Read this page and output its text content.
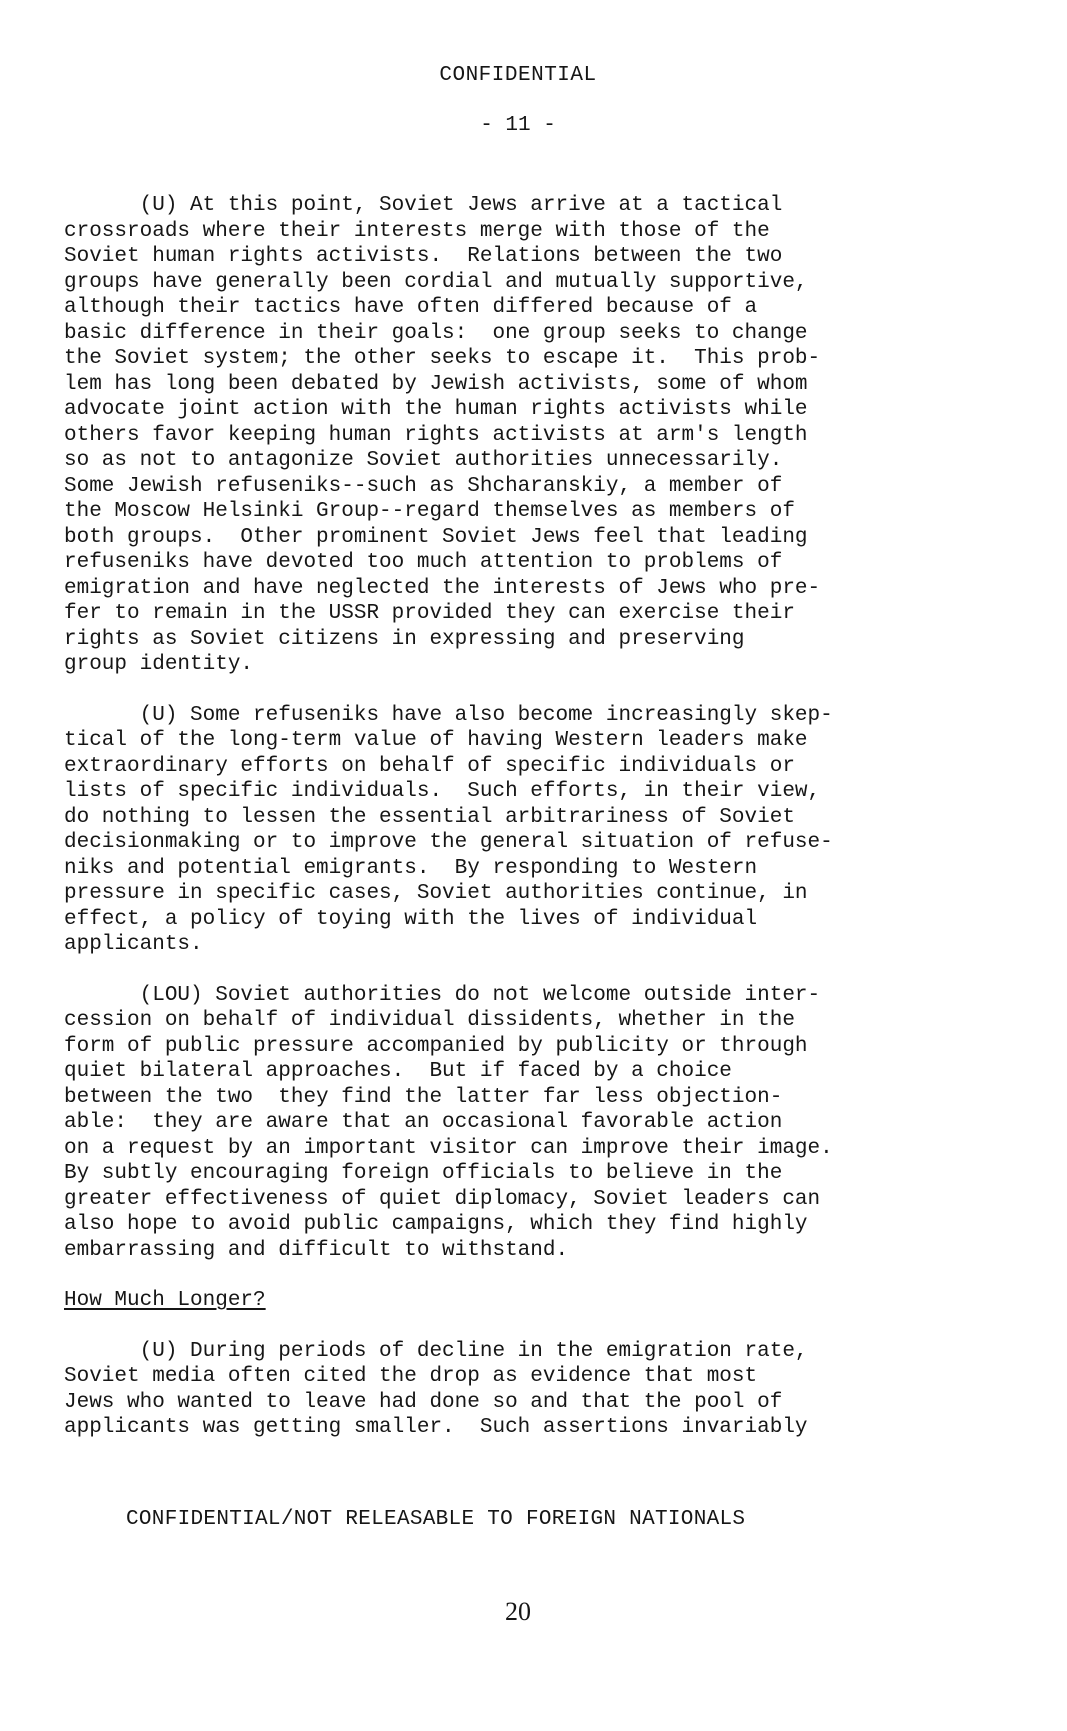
CONFIDENTIAL
- 11 -
(U) At this point, Soviet Jews arrive at a tactical
crossroads where their interests merge with those of the
Soviet human rights activists.  Relations between the two
groups have generally been cordial and mutually supportive,
although their tactics have often differed because of a
basic difference in their goals:  one group seeks to change
the Soviet system; the other seeks to escape it.  This prob-
lem has long been debated by Jewish activists, some of whom
advocate joint action with the human rights activists while
others favor keeping human rights activists at arm's length
so as not to antagonize Soviet authorities unnecessarily.
Some Jewish refuseniks--such as Shcharanskiy, a member of
the Moscow Helsinki Group--regard themselves as members of
both groups.  Other prominent Soviet Jews feel that leading
refuseniks have devoted too much attention to problems of
emigration and have neglected the interests of Jews who pre-
fer to remain in the USSR provided they can exercise their
rights as Soviet citizens in expressing and preserving
group identity.
(U) Some refuseniks have also become increasingly skep-
tical of the long-term value of having Western leaders make
extraordinary efforts on behalf of specific individuals or
lists of specific individuals.  Such efforts, in their view,
do nothing to lessen the essential arbitrariness of Soviet
decisionmaking or to improve the general situation of refuse-
niks and potential emigrants.  By responding to Western
pressure in specific cases, Soviet authorities continue, in
effect, a policy of toying with the lives of individual
applicants.
(LOU) Soviet authorities do not welcome outside inter-
cession on behalf of individual dissidents, whether in the
form of public pressure accompanied by publicity or through
quiet bilateral approaches.  But if faced by a choice
between the two  they find the latter far less objection-
able:  they are aware that an occasional favorable action
on a request by an important visitor can improve their image.
By subtly encouraging foreign officials to believe in the
greater effectiveness of quiet diplomacy, Soviet leaders can
also hope to avoid public campaigns, which they find highly
embarrassing and difficult to withstand.
How Much Longer?
(U) During periods of decline in the emigration rate,
Soviet media often cited the drop as evidence that most
Jews who wanted to leave had done so and that the pool of
applicants was getting smaller.  Such assertions invariably
CONFIDENTIAL/NOT RELEASABLE TO FOREIGN NATIONALS
20
